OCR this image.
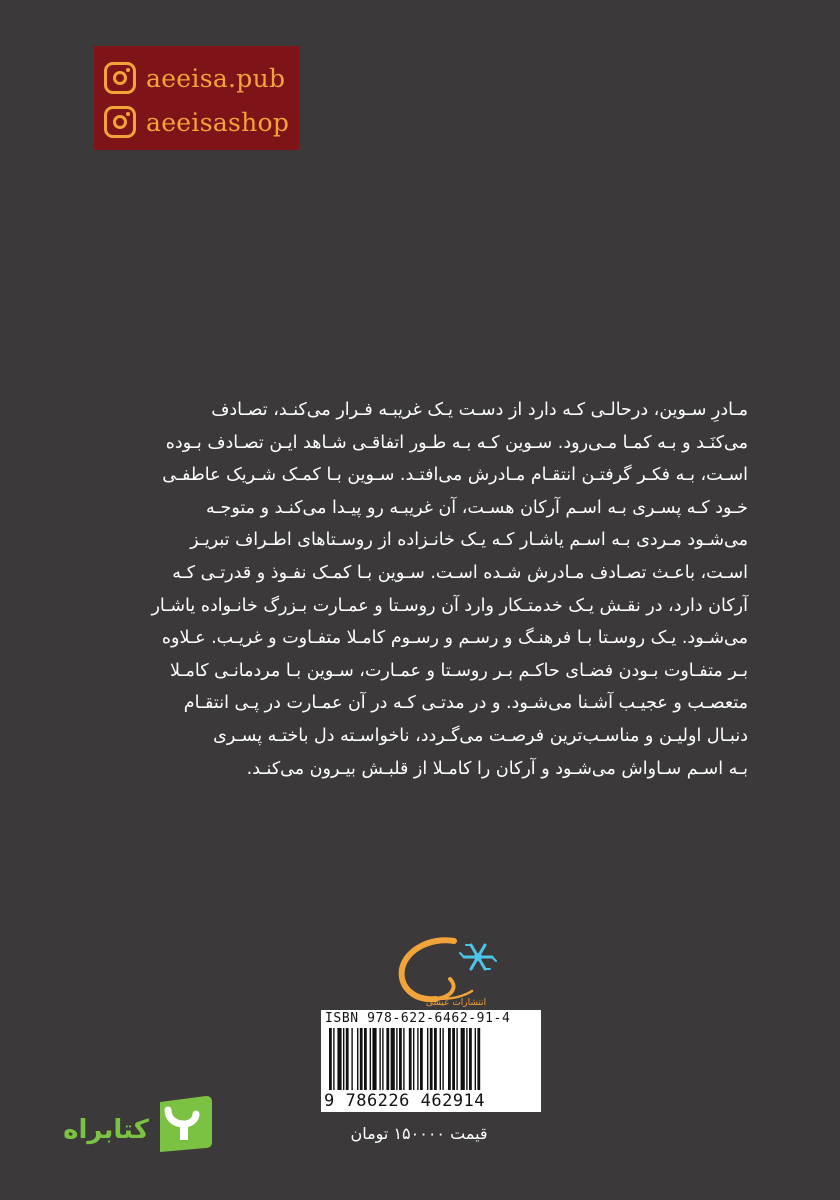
aeeisa.pub
aeeisashop
مـادرِ سـوین، درحالـی کـه دارد از دسـت یـک غریبـه فـرار می‌کنـد، تصـادف
می‌کنَـد و بـه کمـا مـی‌رود. سـوین کـه بـه طـور اتفاقـی شـاهد ایـن تصـادف بـوده
اسـت، بـه فکـر گرفتـن انتقـام مـادرش می‌افتـد. سـوین بـا کمـک شـریک عاطفـی
خـود کـه پسـری بـه اسـم آرکان هسـت، آن غریبـه رو پیـدا می‌کنـد و متوجـه
می‌شـود مـردی بـه اسـم یاشـار کـه یـک خانـزاده از روسـتاهای اطـراف تبریـز
اسـت، باعـث تصـادف مـادرش شـده اسـت. سـوین بـا کمـک نفـوذ و قدرتـی کـه
آرکان دارد، در نقـش یـک خدمتـکار وارد آن روسـتا و عمـارت بـزرگ خانـواده یاشـار
می‌شـود. یـک روسـتا بـا فرهنـگ و رسـم و رسـوم کامـلا متفـاوت و غریـب. عـلاوه
بـر متفـاوت بـودن فضـای حاکـم بـر روسـتا و عمـارت، سـوین بـا مردمانـی کامـلا
متعصـب و عجیـب آشـنا می‌شـود. و در مدتـی کـه در آن عمـارت در پـی انتقـام
دنبـال اولیـن و مناسـب‌ترین فرصـت می‌گـردد، ناخواسـته دل باختـه پسـری
بـه اسـم سـاواش می‌شـود و آرکان را کامـلا از قلبـش بیـرون می‌کنـد.
انتشارات عیسی
ISBN 978-622-6462-91-4
9 786226 462914
قیمت ۱۵۰۰۰۰ تومان
کتابراه
